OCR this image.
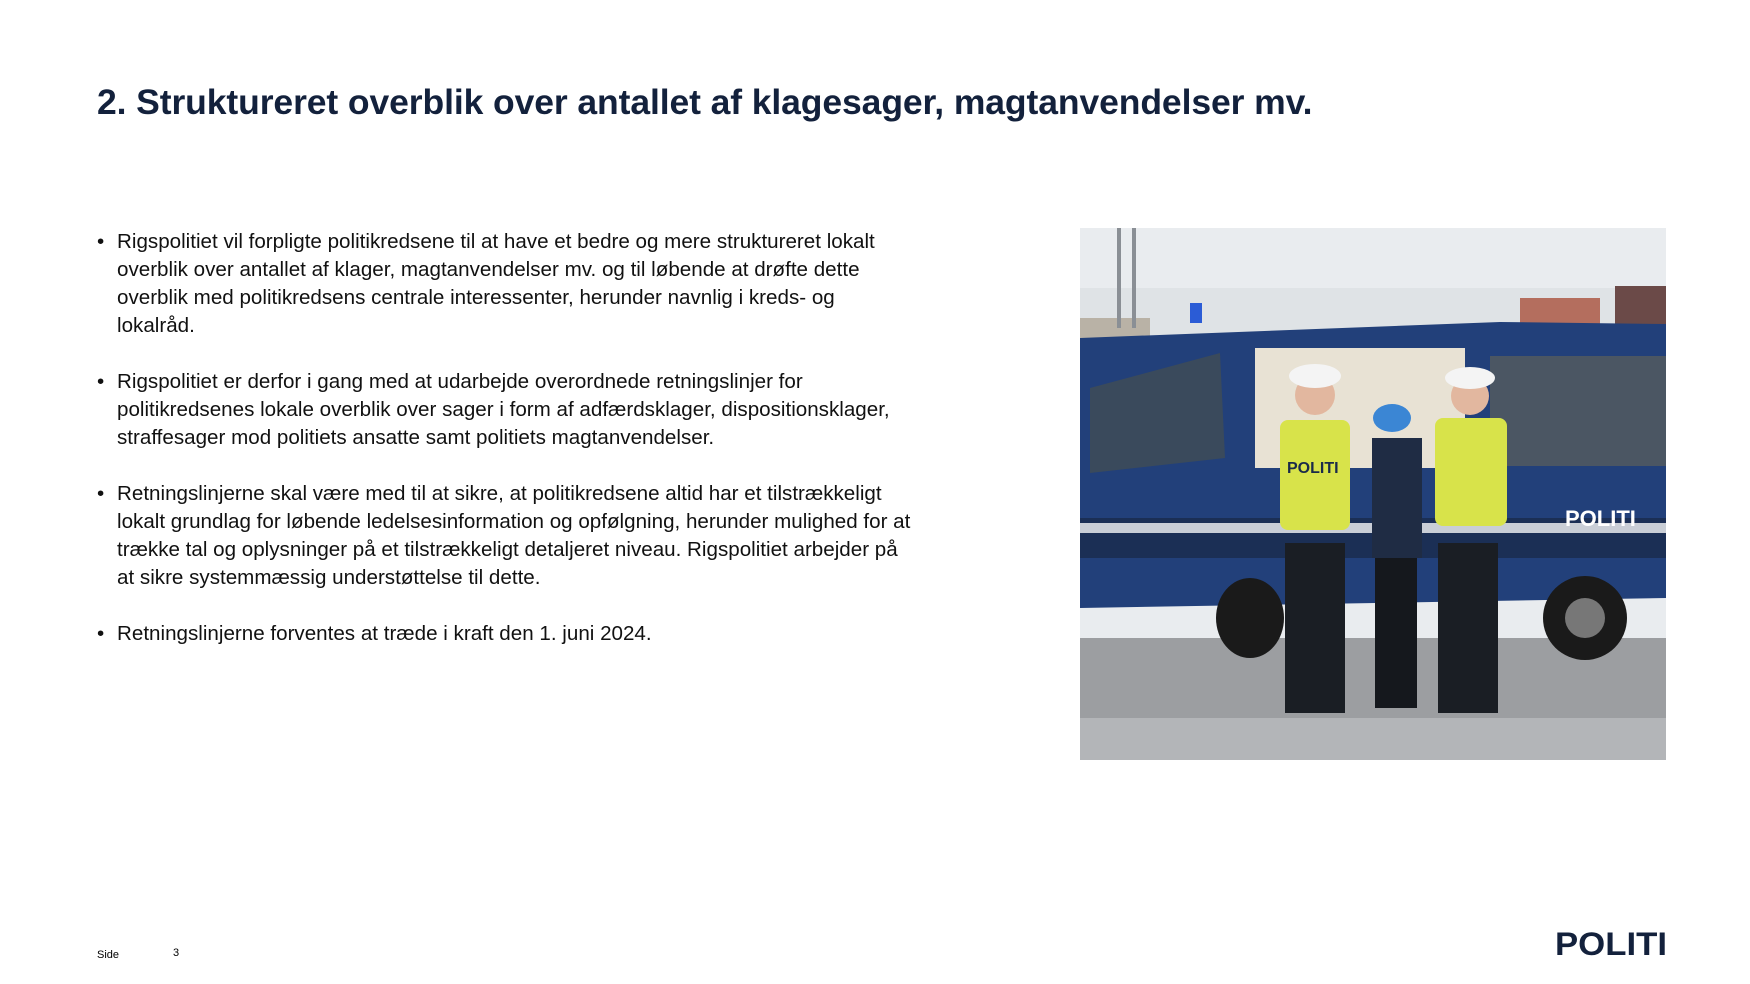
2. Struktureret overblik over antallet af klagesager, magtanvendelser mv.
• Rigspolitiet vil forpligte politikredsene til at have et bedre og mere struktureret lokalt overblik over antallet af klager, magtanvendelser mv. og til løbende at drøfte dette overblik med politikredsens centrale interessenter, herunder navnlig i kreds- og lokalråd.
• Rigspolitiet er derfor i gang med at udarbejde overordnede retningslinjer for politikredsenes lokale overblik over sager i form af adfærdsklager, dispositionsklager, straffesager mod politiets ansatte samt politiets magtanvendelser.
• Retningslinjerne skal være med til at sikre, at politikredsene altid har et tilstrækkeligt lokalt grundlag for løbende ledelsesinformation og opfølgning, herunder mulighed for at trække tal og oplysninger på et tilstrækkeligt detaljeret niveau. Rigspolitiet arbejder på at sikre systemmæssig understøttelse til dette.
• Retningslinjerne forventes at træde i kraft den 1. juni 2024.
POLITI
POLITI
Side	3	POLITI
